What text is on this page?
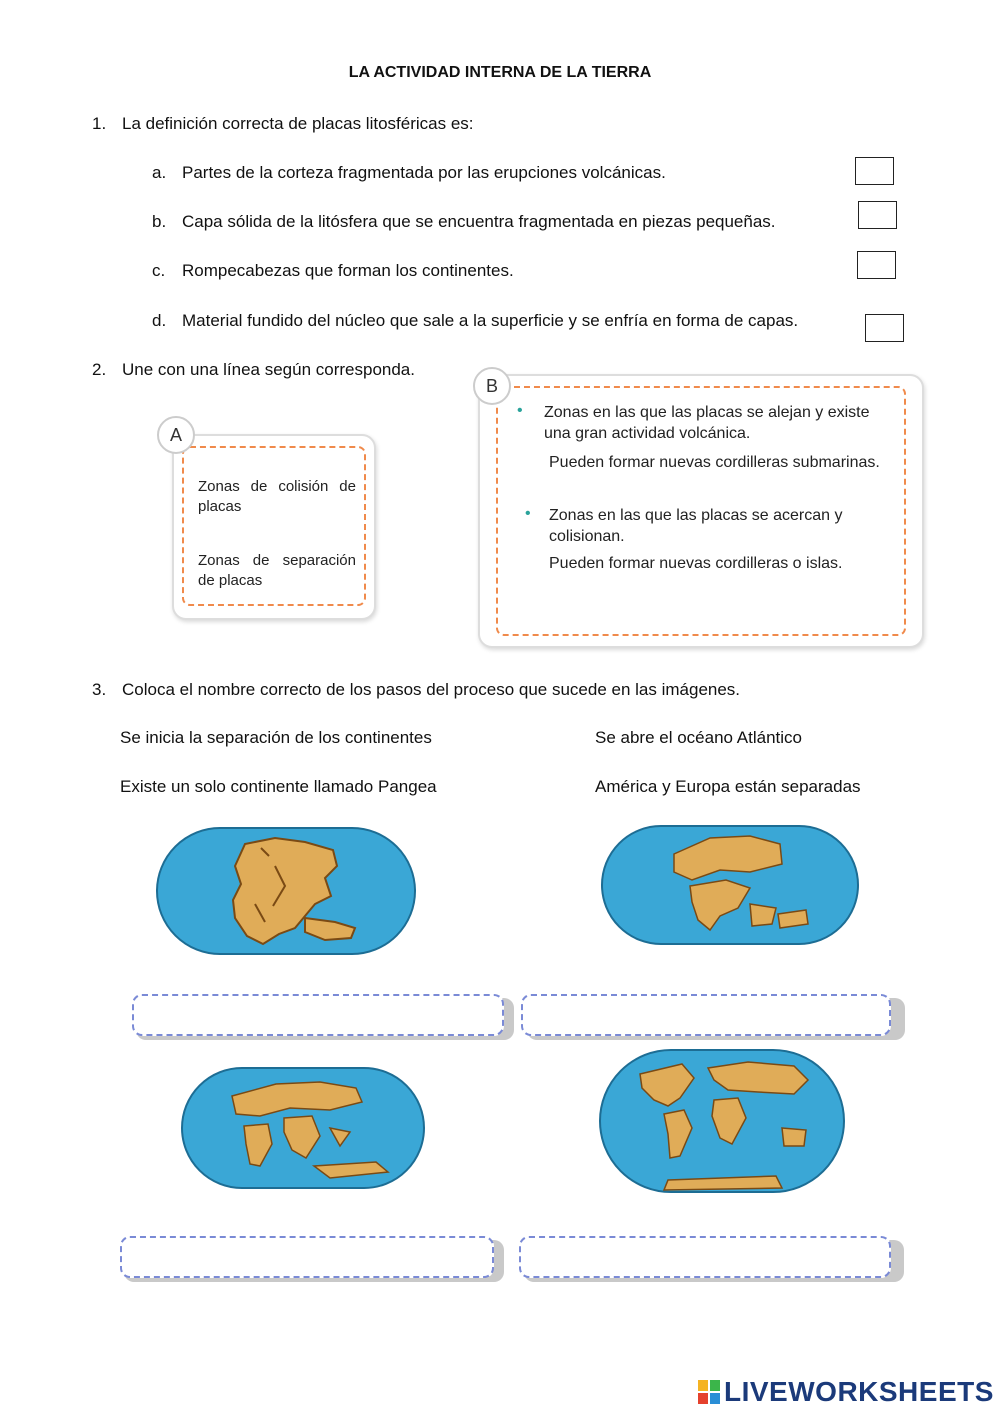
LA ACTIVIDAD INTERNA DE LA TIERRA
1. La definición correcta de placas litosféricas es:
a. Partes de la corteza fragmentada por las erupciones volcánicas.
b. Capa sólida de la litósfera que se encuentra fragmentada en piezas pequeñas.
c. Rompecabezas que forman los continentes.
d. Material fundido del núcleo que sale a la superficie y se enfría en forma de capas.
2. Une con una línea según corresponda.
A
Zonas de colisión de placas
Zonas de separación de placas
B
• Zonas en las que las placas se alejan y existe una gran actividad volcánica.
Pueden formar nuevas cordilleras submarinas.
• Zonas en las que las placas se acercan y colisionan.
Pueden formar nuevas cordilleras o islas.
3. Coloca el nombre correcto de los pasos del proceso que sucede en las imágenes.
Se inicia la separación de los continentes	Se abre el océano Atlántico
Existe un solo continente llamado Pangea	América y Europa están separadas
LIVEWORKSHEETS
